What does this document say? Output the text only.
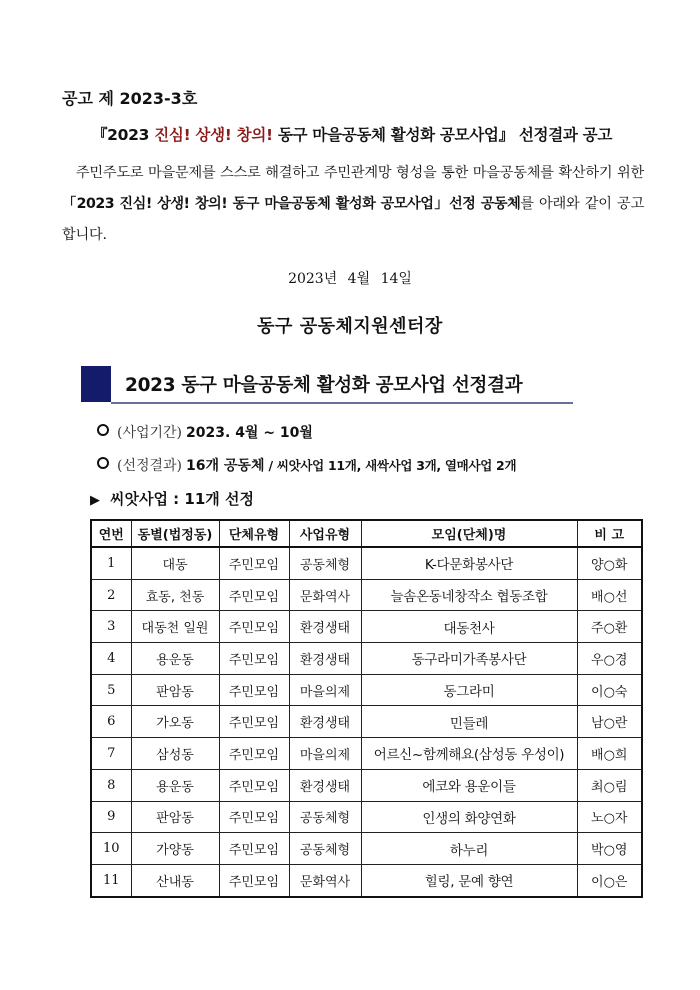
공고 제 2023-3호
『2023 진심! 상생! 창의! 동구 마을공동체 활성화 공모사업』 선정결과 공고
주민주도로 마을문제를 스스로 해결하고 주민관계망 형성을 통한 마을공동체를 확산하기 위한 「2023 진심! 상생! 창의! 동구 마을공동체 활성화 공모사업」선정 공동체를 아래와 같이 공고합니다.
2023년 4월 14일
동구 공동체지원센터장
2023 동구 마을공동체 활성화 공모사업 선정결과
(사업기간) 2023. 4월 ~ 10월
(선정결과) 16개 공동체 / 씨앗사업 11개, 새싹사업 3개, 열매사업 2개
▶ 씨앗사업 : 11개 선정
연번	동별(법정동)	단체유형	사업유형	모임(단체)명	비 고
1	대동	주민모임	공동체형	K-다문화봉사단	양○화
2	효동, 천동	주민모임	문화역사	늘솜온동네창작소 협동조합	배○선
3	대동천 일원	주민모임	환경생태	대동천사	주○환
4	용운동	주민모임	환경생태	동구라미가족봉사단	우○경
5	판암동	주민모임	마을의제	동그라미	이○숙
6	가오동	주민모임	환경생태	민들레	남○란
7	삼성동	주민모임	마을의제	어르신~함께해요(삼성동 우성이)	배○희
8	용운동	주민모임	환경생태	에코와 용운이들	최○림
9	판암동	주민모임	공동체형	인생의 화양연화	노○자
10	가양동	주민모임	공동체형	하누리	박○영
11	산내동	주민모임	문화역사	힐링, 문예 향연	이○은
